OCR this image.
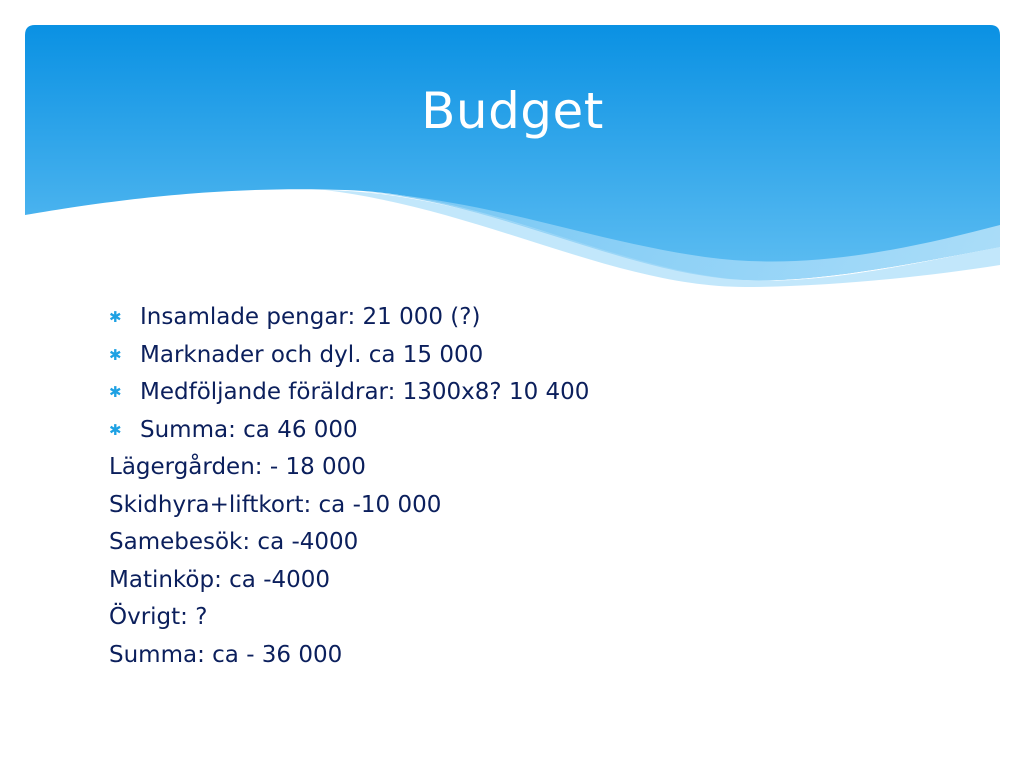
Budget
✱ Insamlade pengar: 21 000 (?)
✱ Marknader och dyl. ca 15 000
✱ Medföljande föräldrar: 1300x8? 10 400
✱ Summa: ca 46 000
Lägergården: - 18 000
Skidhyra+liftkort: ca -10 000
Samebesök: ca -4000
Matinköp: ca -4000
Övrigt: ?
Summa: ca - 36 000
